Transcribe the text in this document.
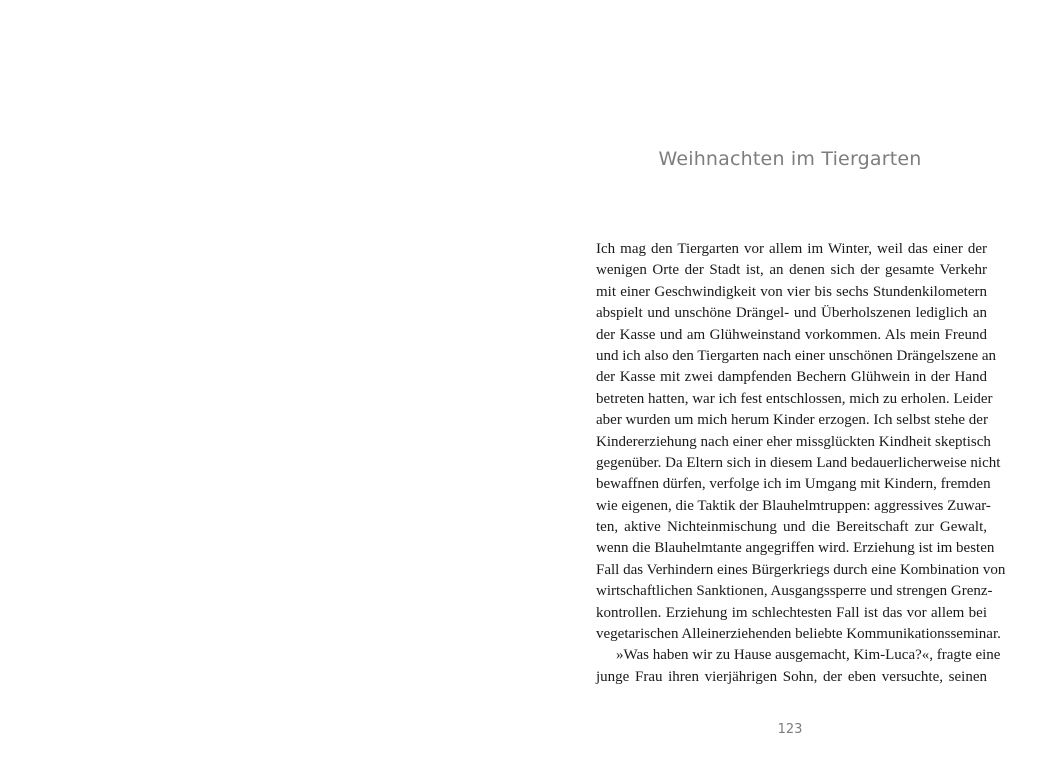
Weihnachten im Tiergarten
Ich mag den Tiergarten vor allem im Winter, weil das einer der
wenigen Orte der Stadt ist, an denen sich der gesamte Verkehr
mit einer Geschwindigkeit von vier bis sechs Stundenkilometern
abspielt und unschöne Drängel- und Überholszenen lediglich an
der Kasse und am Glühweinstand vorkommen. Als mein Freund
und ich also den Tiergarten nach einer unschönen Drängelszene an
der Kasse mit zwei dampfenden Bechern Glühwein in der Hand
betreten hatten, war ich fest entschlossen, mich zu erholen. Leider
aber wurden um mich herum Kinder erzogen. Ich selbst stehe der
Kindererziehung nach einer eher missglückten Kindheit skeptisch
gegenüber. Da Eltern sich in diesem Land bedauerlicherweise nicht
bewaffnen dürfen, verfolge ich im Umgang mit Kindern, fremden
wie eigenen, die Taktik der Blauhelmtruppen: aggressives Zuwar-
ten, aktive Nichteinmischung und die Bereitschaft zur Gewalt,
wenn die Blauhelmtante angegriffen wird. Erziehung ist im besten
Fall das Verhindern eines Bürgerkriegs durch eine Kombination von
wirtschaftlichen Sanktionen, Ausgangssperre und strengen Grenz-
kontrollen. Erziehung im schlechtesten Fall ist das vor allem bei
vegetarischen Alleinerziehenden beliebte Kommunikationsseminar.
»Was haben wir zu Hause ausgemacht, Kim-Luca?«, fragte eine
junge Frau ihren vierjährigen Sohn, der eben versuchte, seinen
123
